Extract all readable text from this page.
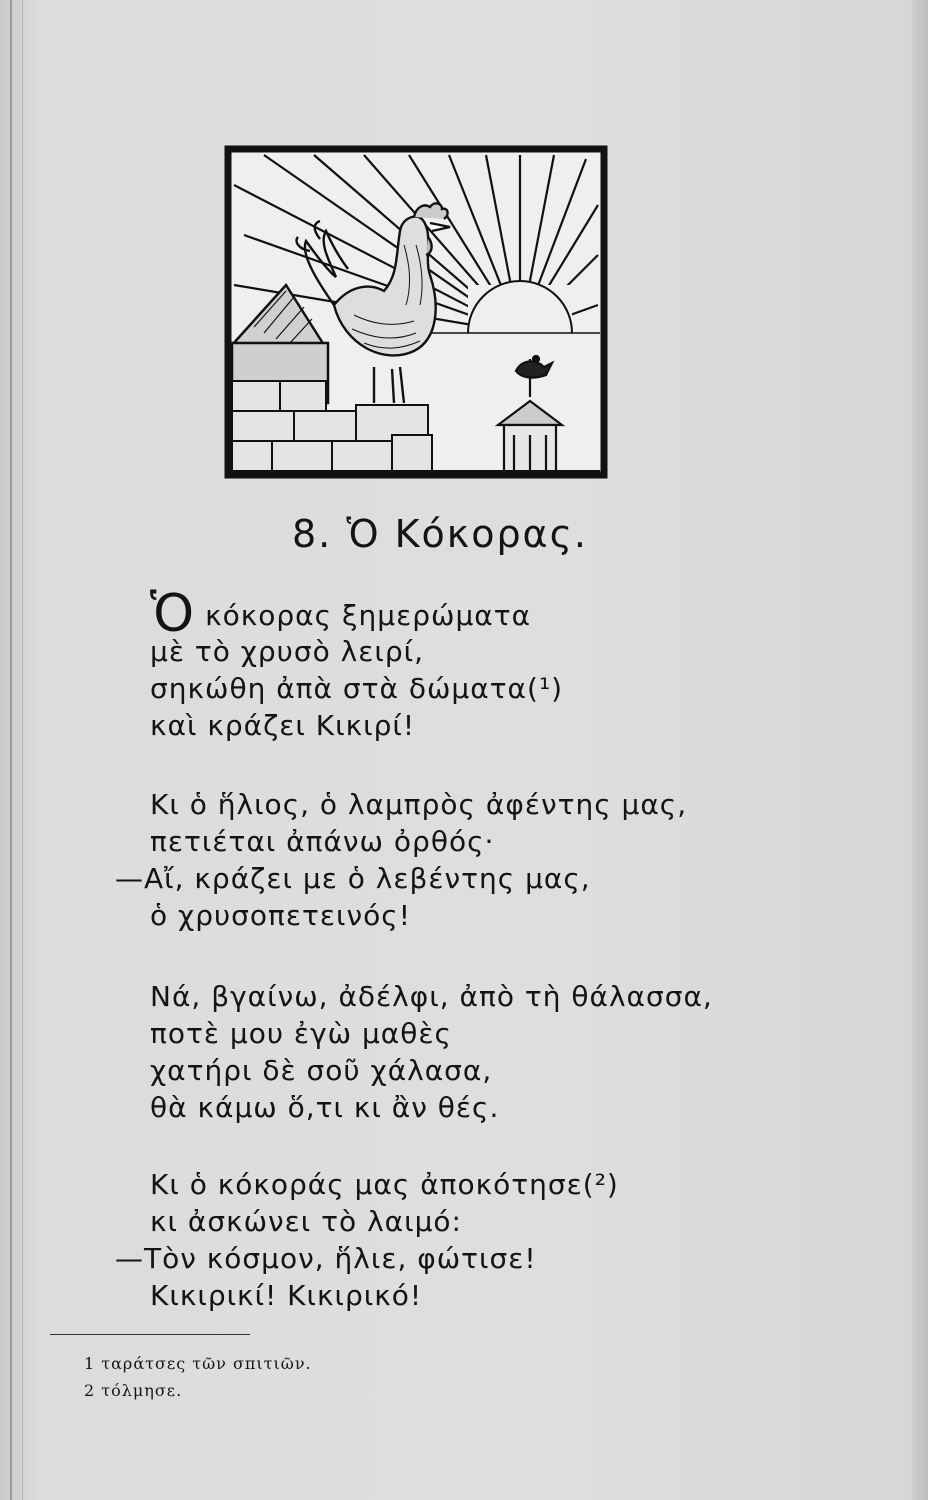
8. Ὁ Κόκορας.
Ὁκόκορας ξημερώματα
μὲ τὸ χρυσὸ λειρί,
σηκώθη ἀπὰ στὰ δώματα(¹)
καὶ κράζει Κικιρί!
Κι ὁ ἥλιος, ὁ λαμπρὸς ἀφέντης μας,
πετιέται ἀπάνω ὀρθός·
—Αἴ, κράζει με ὁ λεβέντης μας,
ὁ χρυσοπετεινός!
Νά, βγαίνω, ἀδέλφι, ἀπὸ τὴ θάλασσα,
ποτὲ μου ἐγὼ μαθὲς
χατήρι δὲ σοῦ χάλασα,
θὰ κάμω ὅ,τι κι ἂν θές.
Κι ὁ κόκοράς μας ἀποκότησε(²)
κι ἀσκώνει τὸ λαιμό:
—Τὸν κόσμον, ἥλιε, φώτισε!
Κικιρικί! Κικιρικό!
1 ταράτσες τῶν σπιτιῶν.
2 τόλμησε.
